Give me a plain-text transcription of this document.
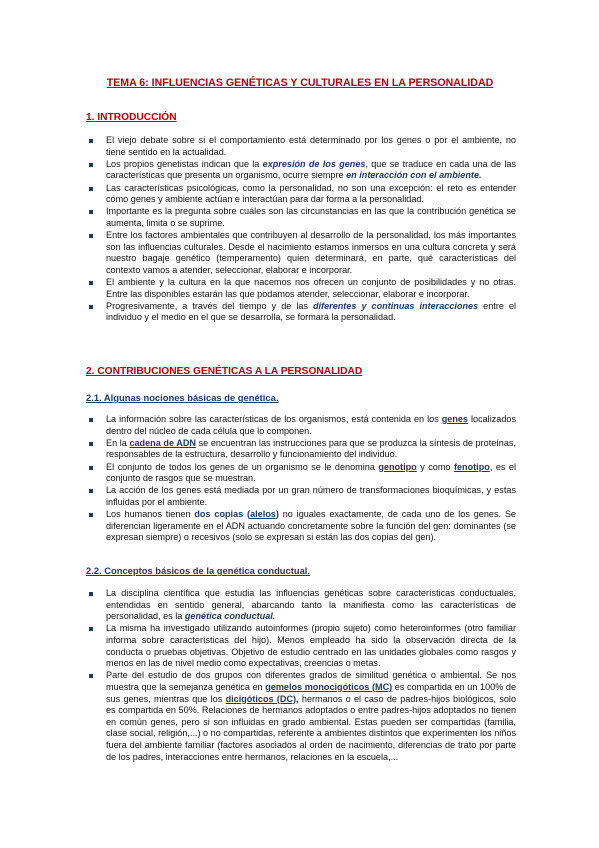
TEMA 6: INFLUENCIAS GENÉTICAS Y CULTURALES EN LA PERSONALIDAD
1. INTRODUCCIÓN
El viejo debate sobre si el comportamiento está determinado por los genes o por el ambiente, no tiene sentido en la actualidad.
Los propios genetistas indican que la expresión de los genes, que se traduce en cada una de las características que presenta un organismo, ocurre siempre en interacción con el ambiente.
Las características psicológicas, como la personalidad, no son una excepción: el reto es entender cómo genes y ambiente actúan e interactúan para dar forma a la personalidad.
Importante es la pregunta sobre cuáles son las circunstancias en las que la contribución genética se aumenta, limita o se suprime.
Entre los factores ambientales que contribuyen al desarrollo de la personalidad, los más importantes son las influencias culturales. Desde el nacimiento estamos inmersos en una cultura concreta y será nuestro bagaje genético (temperamento) quien determinará, en parte, qué características del contexto vamos a atender, seleccionar, elaborar e incorporar.
El ambiente y la cultura en la que nacemos nos ofrecen un conjunto de posibilidades y no otras. Entre las disponibles estarán las que podamos atender, seleccionar, elaborar e incorporar.
Progresivamente, a través del tiempo y de las diferentes y continuas interacciones entre el individuo y el medio en el que se desarrolla, se formará la personalidad.
2. CONTRIBUCIONES GENÉTICAS A LA PERSONALIDAD
2.1. Algunas nociones básicas de genética.
La información sobre las características de los organismos, está contenida en los genes localizados dentro del núcleo de cada célula que lo componen.
En la cadena de ADN se encuentran las instrucciones para que se produzca la síntesis de proteínas, responsables de la estructura, desarrollo y funcionamiento del individuo.
El conjunto de todos los genes de un organismo se le denomina genotipo y como fenotipo, es el conjunto de rasgos que se muestran.
La acción de los genes está mediada por un gran número de transformaciones bioquímicas, y estas influidas por el ambiente.
Los humanos tienen dos copias (alelos) no iguales exactamente, de cada uno de los genes. Se diferencian ligeramente en el ADN actuando concretamente sobre la función del gen: dominantes (se expresan siempre) o recesivos (solo se expresan si están las dos copias del gen).
2.2. Conceptos básicos de la genética conductual.
La disciplina científica que estudia las influencias genéticas sobre características conductuales, entendidas en sentido general, abarcando tanto la manifiesta como las características de personalidad, es la genética conductual.
La misma ha investigado utilizando autoinformes (propio sujeto) como heteroinformes (otro familiar informa sobre características del hijo). Menos empleado ha sido la observación directa de la conducta o pruebas objetivas. Objetivo de estudio centrado en las unidades globales como rasgos y menos en las de nivel medio como expectativas, creencias o metas.
Parte del estudio de dos grupos con diferentes grados de similitud genética o ambiental. Se nos muestra que la semejanza genética en gemelos monocigóticos (MC) es compartida en un 100% de sus genes, mientras que los dicigóticos (DC), hermanos o el caso de padres-hijos biológicos, solo es compartida en 50%. Relaciones de hermanos adoptados o entre padres-hijos adoptados no tienen en común genes, pero si son influidas en grado ambiental. Estas pueden ser compartidas (familia, clase social, religión,...) o no compartidas, referente a ambientes distintos que experimenten los niños fuera del ambiente familiar (factores asociados al orden de nacimiento, diferencias de trato por parte de los padres, interacciones entre hermanos, relaciones en la escuela,...
